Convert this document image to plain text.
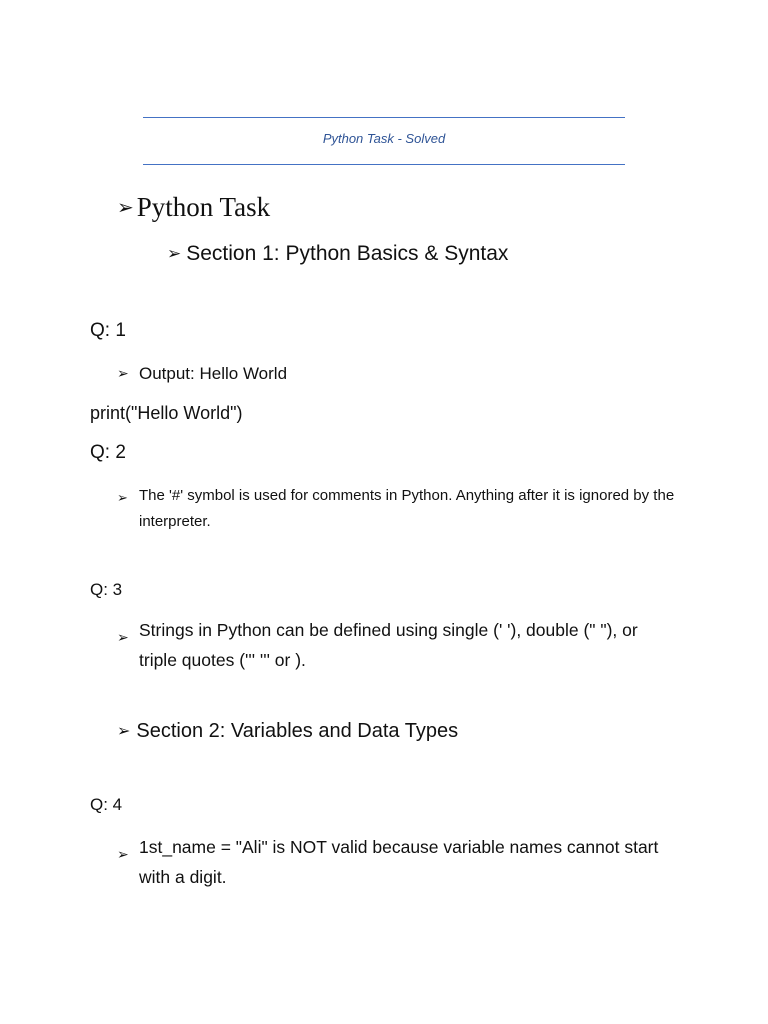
Python Task - Solved
➢ Python Task
➢ Section 1: Python Basics & Syntax
Q: 1
➢ Output: Hello World
print("Hello World")
Q: 2
➢ The '#' symbol is used for comments in Python. Anything after it is ignored by the interpreter.
Q: 3
➢ Strings in Python can be defined using single (' '), double (" "), or triple quotes (''' ''' or ).
➢ Section 2: Variables and Data Types
Q: 4
➢ 1st_name = "Ali" is NOT valid because variable names cannot start with a digit.
